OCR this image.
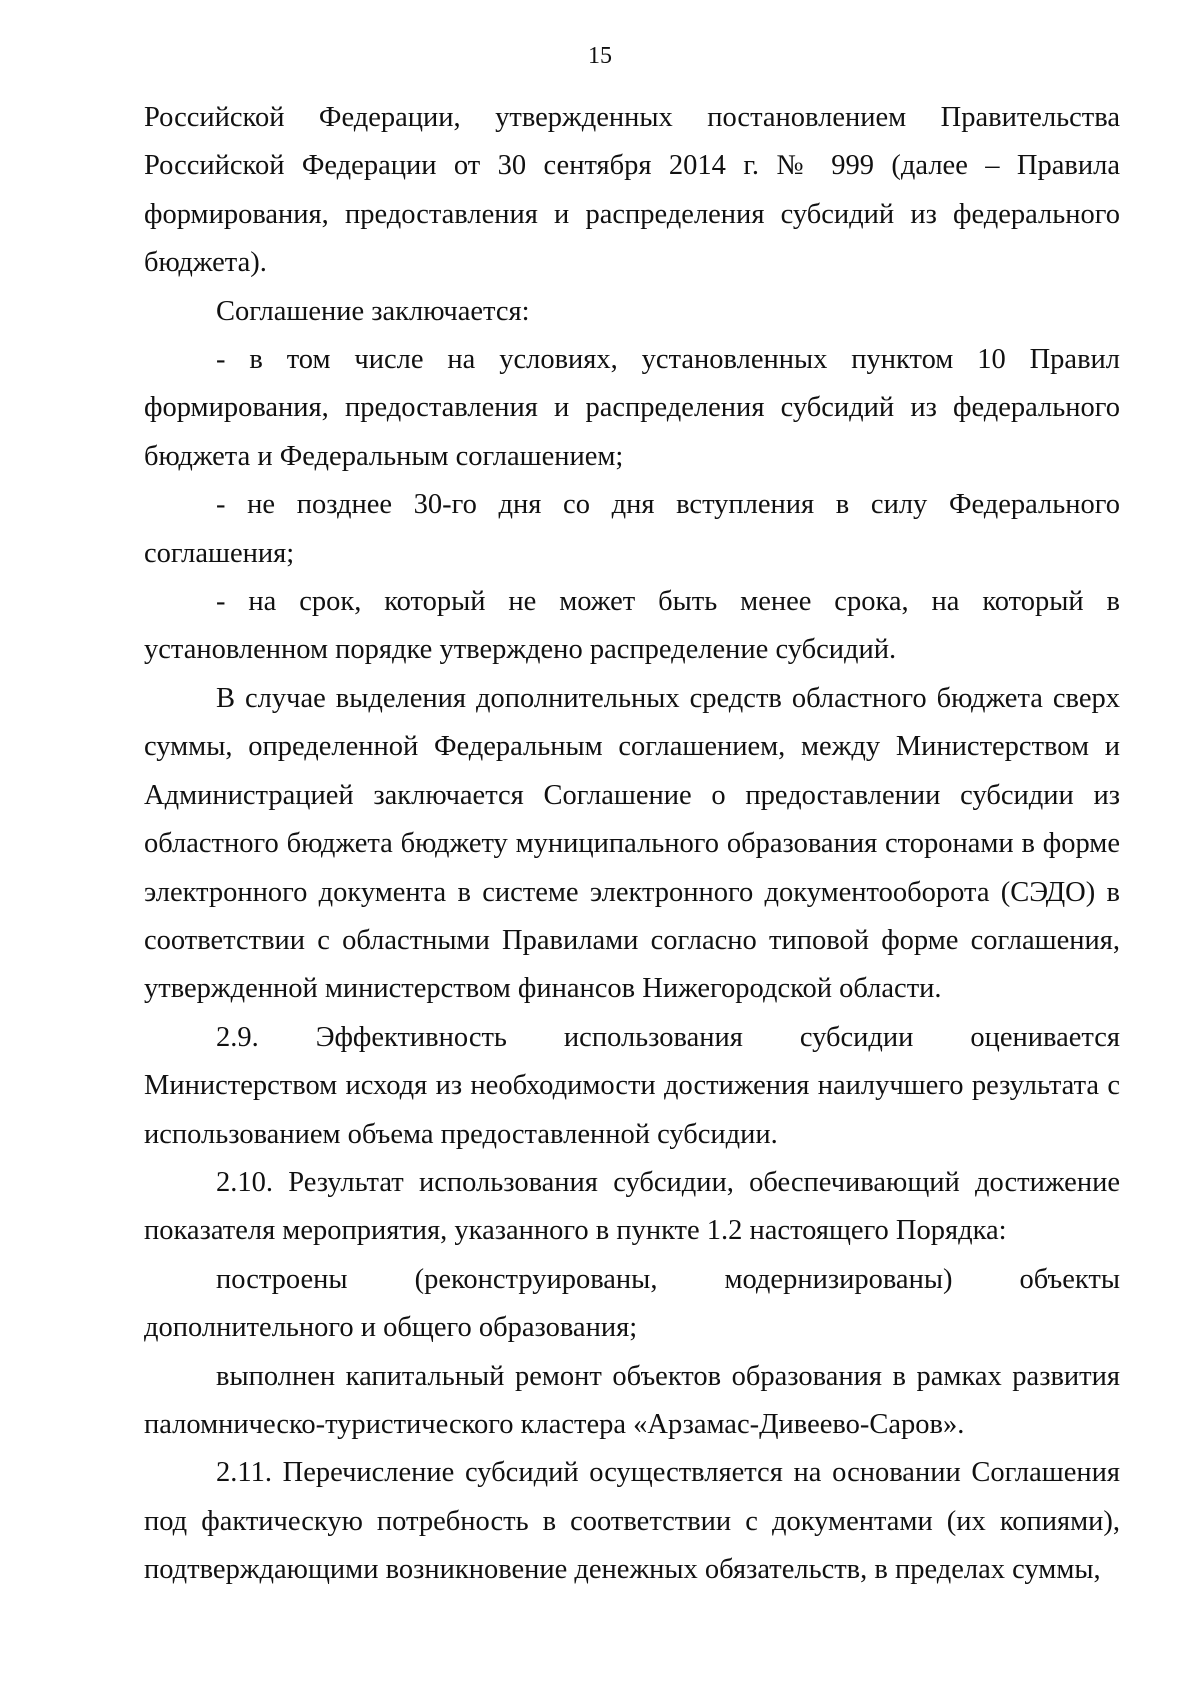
15

Российской Федерации, утвержденных постановлением Правительства Российской Федерации от 30 сентября 2014 г. № 999 (далее – Правила формирования, предоставления и распределения субсидий из федерального бюджета).

Соглашение заключается:

- в том числе на условиях, установленных пунктом 10 Правил формирования, предоставления и распределения субсидий из федерального бюджета и Федеральным соглашением;

- не позднее 30-го дня со дня вступления в силу Федерального соглашения;

- на срок, который не может быть менее срока, на который в установленном порядке утверждено распределение субсидий.

В случае выделения дополнительных средств областного бюджета сверх суммы, определенной Федеральным соглашением, между Министерством и Администрацией заключается Соглашение о предоставлении субсидии из областного бюджета бюджету муниципального образования сторонами в форме электронного документа в системе электронного документооборота (СЭДО) в соответствии с областными Правилами согласно типовой форме соглашения, утвержденной министерством финансов Нижегородской области.

2.9. Эффективность использования субсидии оценивается Министерством исходя из необходимости достижения наилучшего результата с использованием объема предоставленной субсидии.

2.10. Результат использования субсидии, обеспечивающий достижение показателя мероприятия, указанного в пункте 1.2 настоящего Порядка:

построены (реконструированы, модернизированы) объекты дополнительного и общего образования;

выполнен капитальный ремонт объектов образования в рамках развития паломническо-туристического кластера «Арзамас-Дивеево-Саров».

2.11. Перечисление субсидий осуществляется на основании Соглашения под фактическую потребность в соответствии с документами (их копиями), подтверждающими возникновение денежных обязательств, в пределах суммы,
